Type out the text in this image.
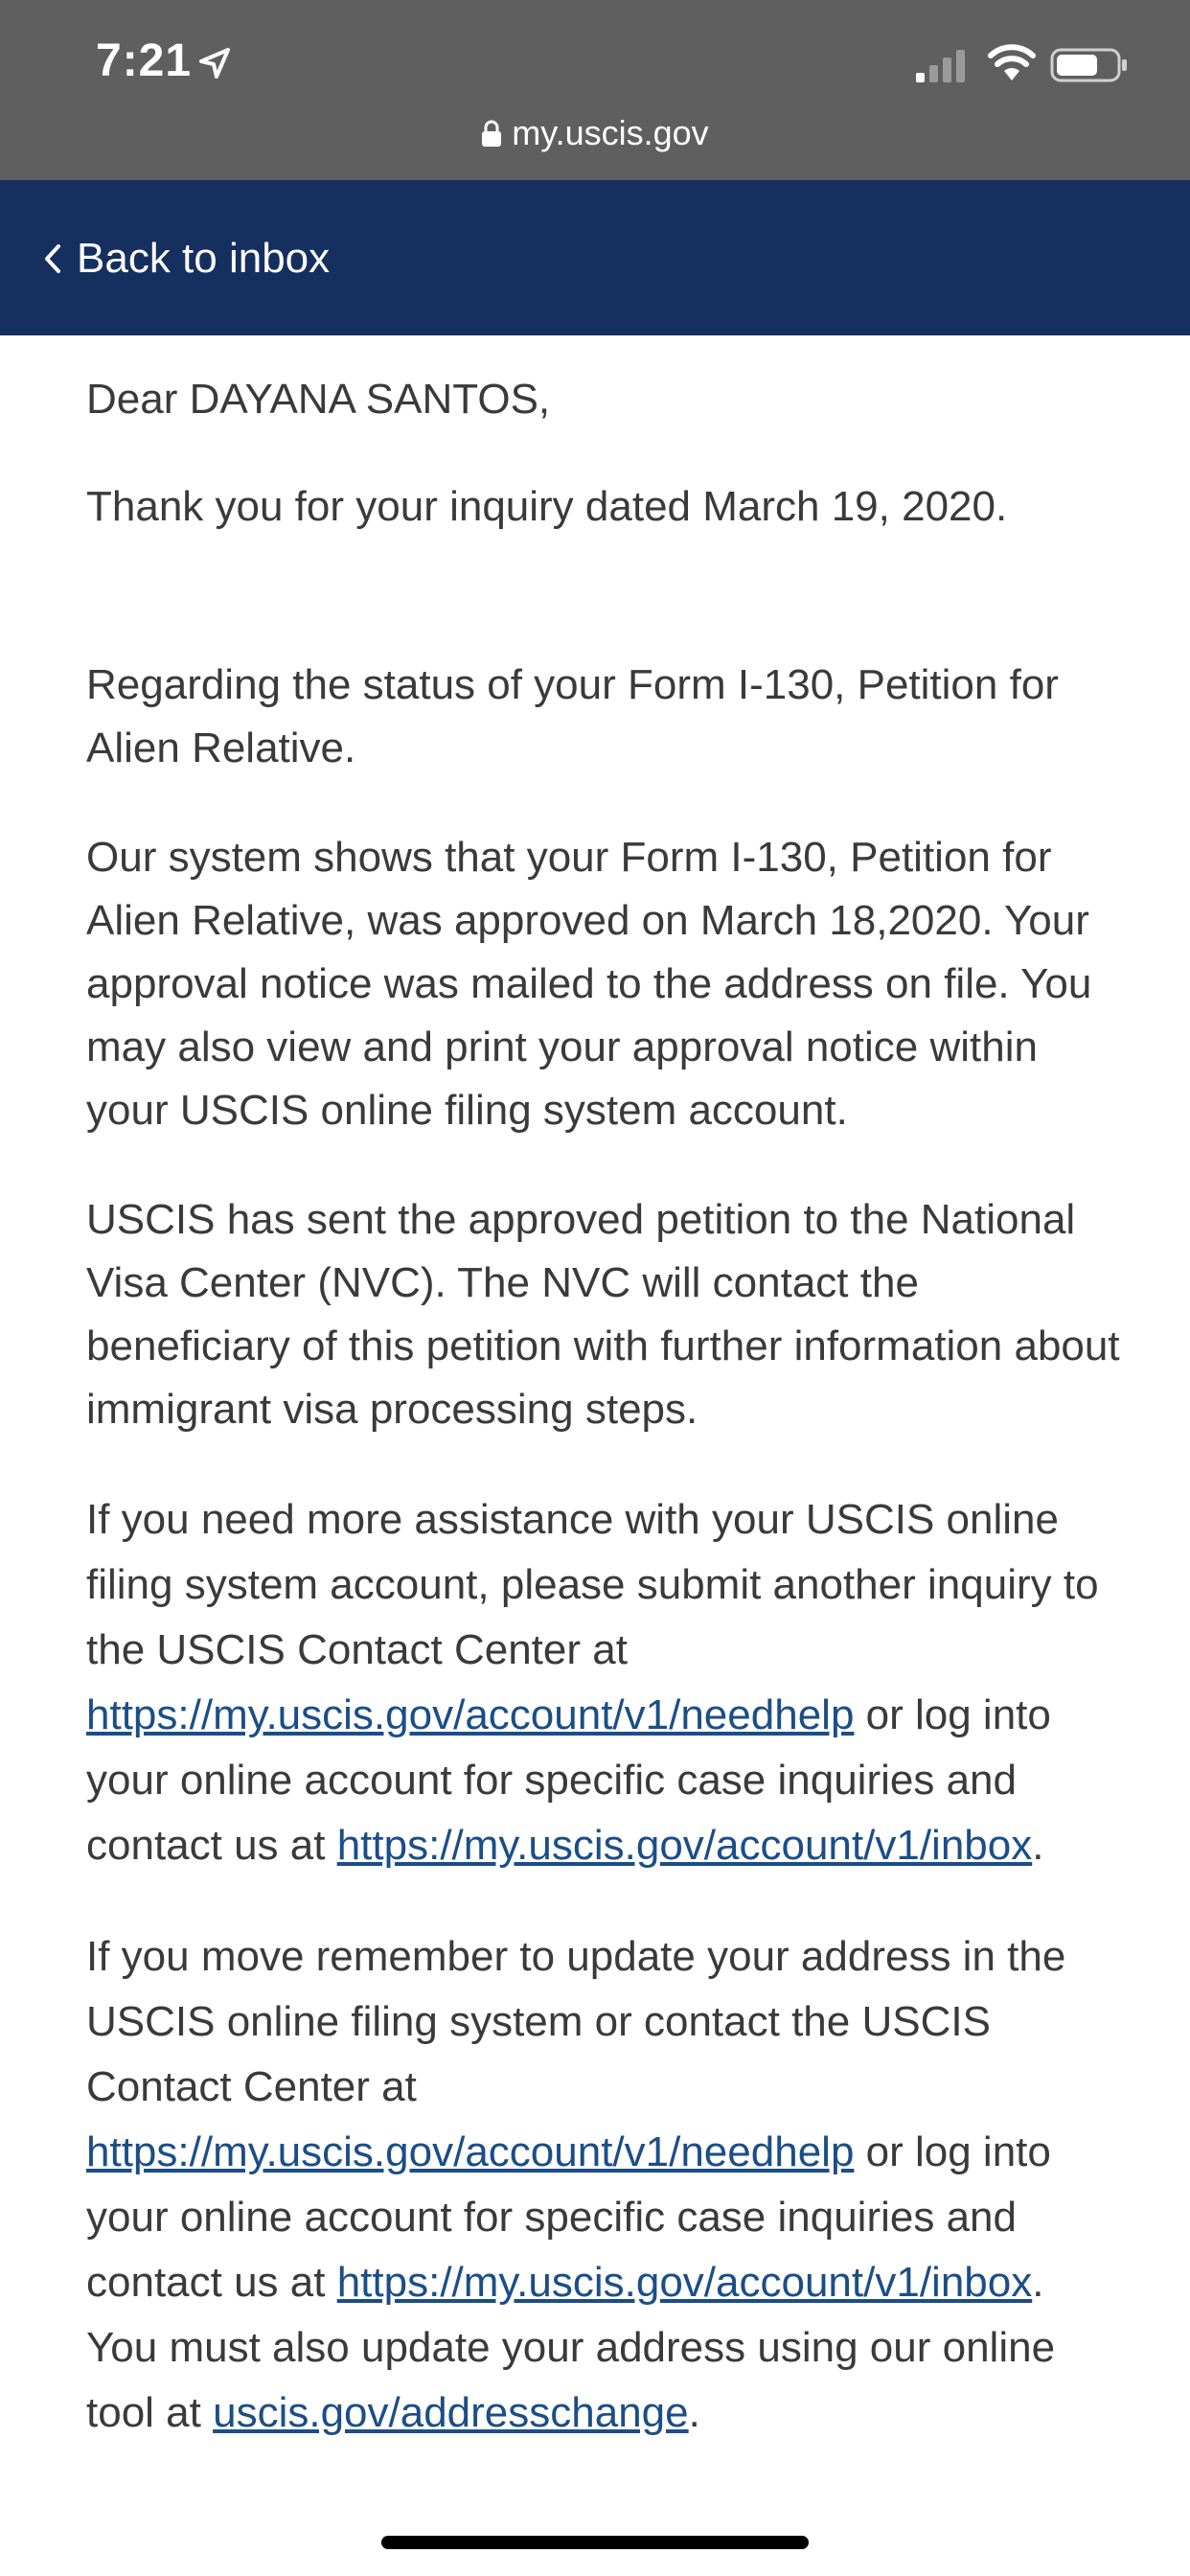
7:21
my.uscis.gov
Back to inbox

Dear DAYANA SANTOS,

Thank you for your inquiry dated March 19, 2020.

Regarding the status of your Form I-130, Petition for Alien Relative.

Our system shows that your Form I-130, Petition for Alien Relative, was approved on March 18,2020. Your approval notice was mailed to the address on file. You may also view and print your approval notice within your USCIS online filing system account.

USCIS has sent the approved petition to the National Visa Center (NVC). The NVC will contact the beneficiary of this petition with further information about immigrant visa processing steps.

If you need more assistance with your USCIS online filing system account, please submit another inquiry to the USCIS Contact Center at https://my.uscis.gov/account/v1/needhelp or log into your online account for specific case inquiries and contact us at https://my.uscis.gov/account/v1/inbox.

If you move remember to update your address in the USCIS online filing system or contact the USCIS Contact Center at https://my.uscis.gov/account/v1/needhelp or log into your online account for specific case inquiries and contact us at https://my.uscis.gov/account/v1/inbox. You must also update your address using our online tool at uscis.gov/addresschange.
